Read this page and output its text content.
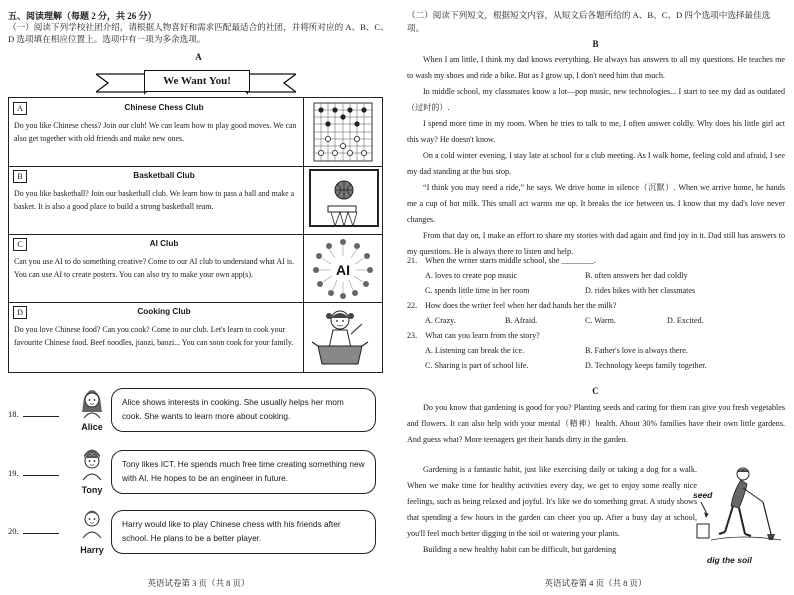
五、阅读理解（每题 2 分，共 26 分）
（一）阅读下列学校社团介绍，请根据人物喜好和需求匹配最适合的社团，并将所对应的 A、B、C、D 选项填在相应位置上。选项中有一项为多余选项。
A
We Want You!
A	Chinese Chess Club
Do you like Chinese chess? Join our club! We can learn how to play good moves. We can also get together with old friends and make new ones.
B	Basketball Club
Do you like basketball? Join our basketball club. We learn how to pass a ball and make a basket. It is also a good place to build a strong basketball team.
C	AI Club
Can you use AI to do something creative? Come to our AI club to understand what AI is. You can use AI to create posters. You can also try to make your own app(s).	AI
D	Cooking Club
Do you love Chinese food? Can you cook? Come to our club. Let's learn to cook your favourite Chinese food. Beef noodles, jiaozi, baozi... You can soon cook for your family.
18.
Alice
Alice shows interests in cooking. She usually helps her mom cook. She wants to learn more about cooking.
19.
Tony
Tony likes ICT. He spends much free time creating something new with AI. He hopes to be an engineer in future.
20.
Harry
Harry would like to play Chinese chess with his friends after school. He plans to be a better player.
英语试卷第 3 页（共 8 页）
（二）阅读下列短文，根据短文内容，从短文后各题所给的 A、B、C、D 四个选项中选择最佳选项。
B
When I am little, I think my dad knows everything. He always has answers to all my questions. He teaches me to wash my shoes and ride a bike. But as I grow up, I don't need him that much.
In middle school, my classmates know a lot—pop music, new technologies... I start to see my dad as outdated（过时的）.
I spend more time in my room. When he tries to talk to me, I often answer coldly. Why does his little girl act this way? He doesn't know.
On a cold winter evening, I stay late at school for a club meeting. As I walk home, feeling cold and afraid, I see my dad standing at the bus stop.
“I think you may need a ride,” he says. We drive home in silence（沉默）. When we arrive home, he hands me a cup of hot milk. This small act warms me up. It breaks the ice between us. I know that my dad's love never changes.
From that day on, I make an effort to share my stories with dad again and find joy in it. Dad still has answers to my questions. He is always there to listen and help.
21. When the writer starts middle school, she ________.
A. loves to create pop music	B. often answers her dad coldly
C. spends little time in her room	D. rides bikes with her classmates
22. How does the writer feel when her dad hands her the milk?
A. Crazy.	B. Afraid.	C. Warm.	D. Excited.
23. What can you learn from the story?
A. Listening can break the ice.	B. Father's love is always there.
C. Sharing is part of school life.	D. Technology keeps family together.
C
Do you know that gardening is good for you? Planting seeds and caring for them can give you fresh vegetables and flowers. It can also help with your mental（精神）health. About 30% families have their own little gardens. And guess what? More teenagers get their hands dirty in the garden.
Gardening is a fantastic habit, just like exercising daily or taking a dog for a walk. When we make time for healthy activities every day, we get to enjoy some really nice feelings, such as being relaxed and joyful. It's like we do something great. A study shows that spending a few hours in the garden can cheer you up. After a busy day at school, you'll feel much better digging in the soil or watering your plants.
Building a new healthy habit can be difficult, but gardening
seed
dig the soil
英语试卷第 4 页（共 8 页）
